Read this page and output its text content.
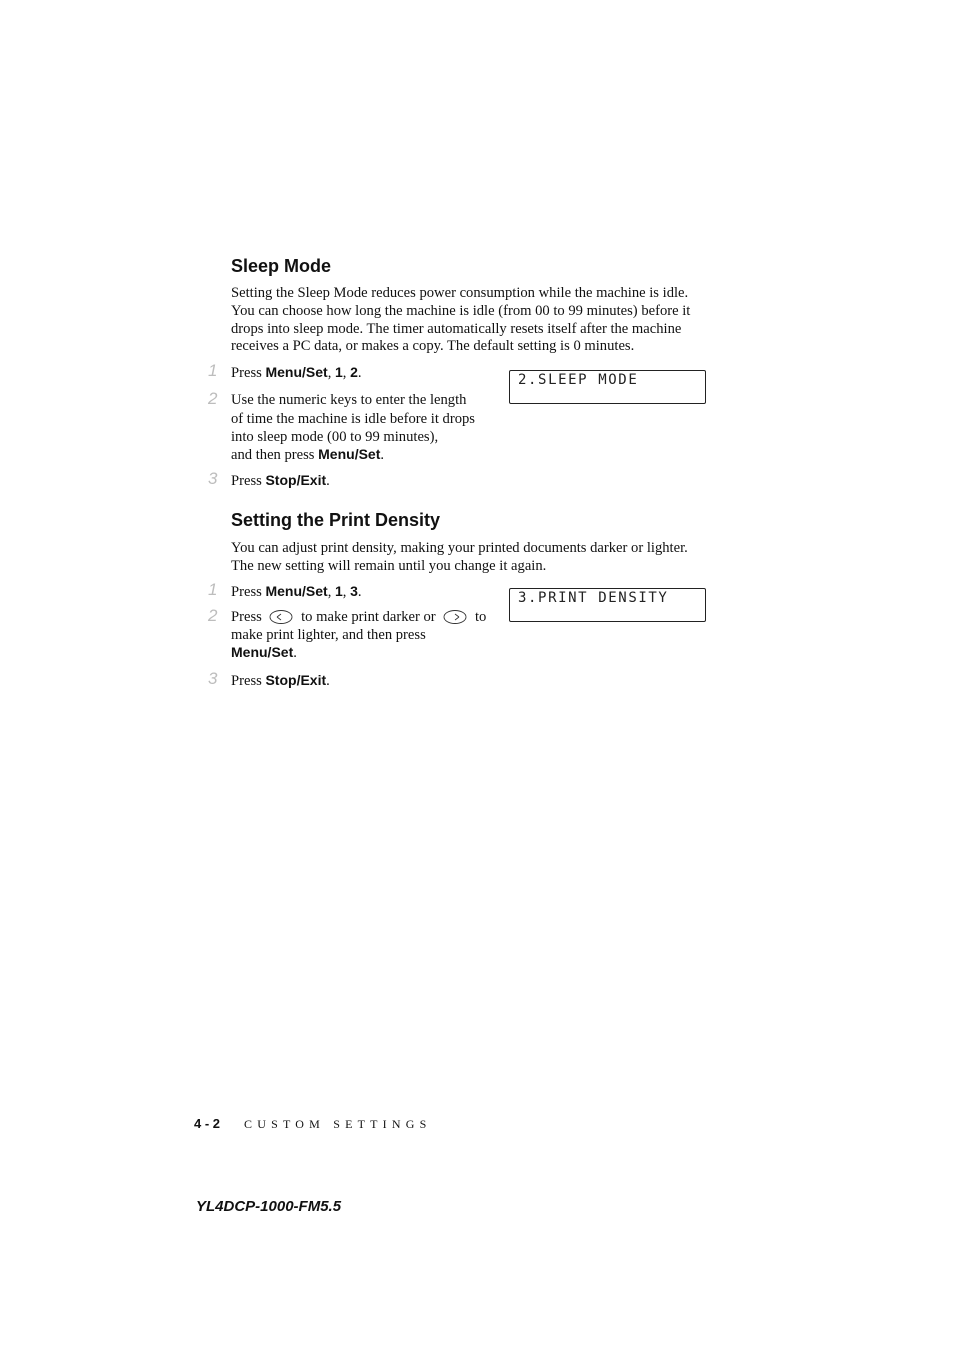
Sleep Mode
Setting the Sleep Mode reduces power consumption while the machine is idle.
You can choose how long the machine is idle (from 00 to 99 minutes) before it
drops into sleep mode. The timer automatically resets itself after the machine
receives a PC data, or makes a copy. The default setting is 0 minutes.
1 Press Menu/Set, 1, 2.	2.SLEEP MODE
2 Use the numeric keys to enter the length
of time the machine is idle before it drops
into sleep mode (00 to 99 minutes),
and then press Menu/Set.
3 Press Stop/Exit.
Setting the Print Density
You can adjust print density, making your printed documents darker or lighter.
The new setting will remain until you change it again.
1 Press Menu/Set, 1, 3.	3.PRINT DENSITY
2 Press	to make print darker or	to
make print lighter, and then press
Menu/Set.
3 Press Stop/Exit.
4 - 2 CUSTOM SETTINGS
YL4DCP-1000-FM5.5
